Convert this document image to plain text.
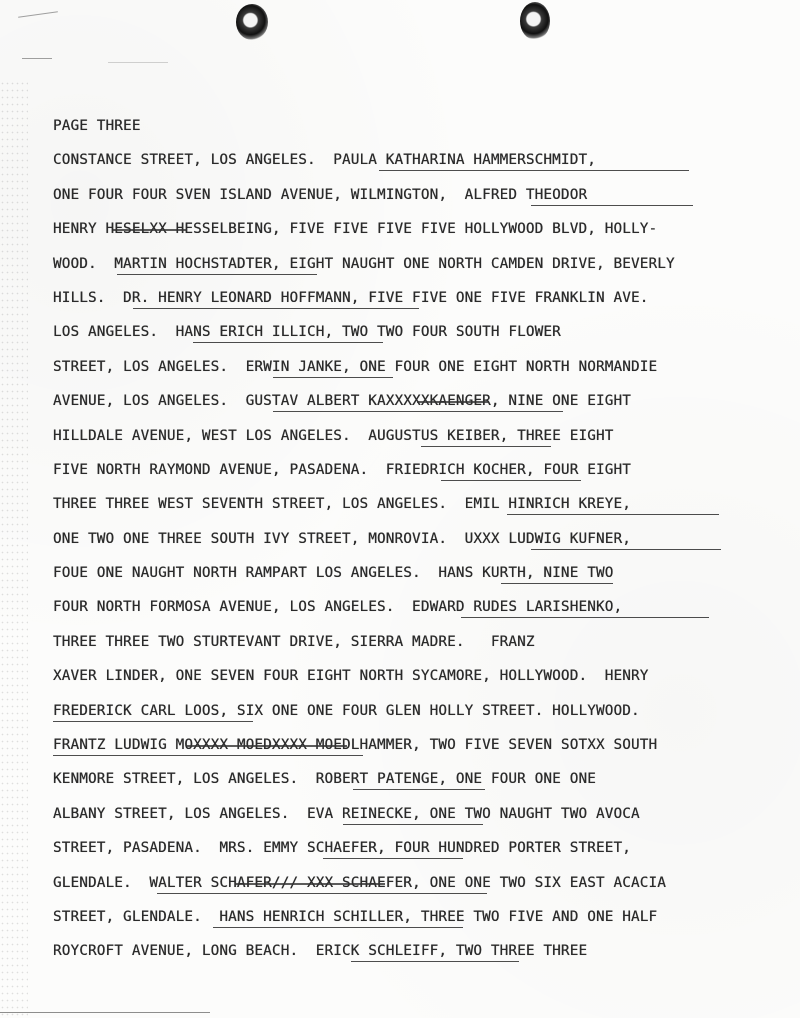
PAGE THREE
CONSTANCE STREET, LOS ANGELES.  PAULA KATHARINA HAMMERSCHMIDT,
ONE FOUR FOUR SVEN ISLAND AVENUE, WILMINGTON,  ALFRED THEODOR
HENRY HESELXX HESSELBEING, FIVE FIVE FIVE FIVE HOLLYWOOD BLVD, HOLLY-
WOOD.  MARTIN HOCHSTADTER, EIGHT NAUGHT ONE NORTH CAMDEN DRIVE, BEVERLY
HILLS.  DR. HENRY LEONARD HOFFMANN, FIVE FIVE ONE FIVE FRANKLIN AVE.
LOS ANGELES.  HANS ERICH ILLICH, TWO TWO FOUR SOUTH FLOWER
STREET, LOS ANGELES.  ERWIN JANKE, ONE FOUR ONE EIGHT NORTH NORMANDIE
AVENUE, LOS ANGELES.  GUSTAV ALBERT KAXXXXXKAENGER, NINE ONE EIGHT
HILLDALE AVENUE, WEST LOS ANGELES.  AUGUSTUS KEIBER, THREE EIGHT
FIVE NORTH RAYMOND AVENUE, PASADENA.  FRIEDRICH KOCHER, FOUR EIGHT
THREE THREE WEST SEVENTH STREET, LOS ANGELES.  EMIL HINRICH KREYE,
ONE TWO ONE THREE SOUTH IVY STREET, MONROVIA.  UXXX LUDWIG KUFNER,
FOUE ONE NAUGHT NORTH RAMPART LOS ANGELES.  HANS KURTH, NINE TWO
FOUR NORTH FORMOSA AVENUE, LOS ANGELES.  EDWARD RUDES LARISHENKO,
THREE THREE TWO STURTEVANT DRIVE, SIERRA MADRE.   FRANZ
XAVER LINDER, ONE SEVEN FOUR EIGHT NORTH SYCAMORE, HOLLYWOOD.  HENRY
FREDERICK CARL LOOS, SIX ONE ONE FOUR GLEN HOLLY STREET. HOLLYWOOD.
FRANTZ LUDWIG MOXXXX MOEDXXXX MOEDLHAMMER, TWO FIVE SEVEN SOTXX SOUTH
KENMORE STREET, LOS ANGELES.  ROBERT PATENGE, ONE FOUR ONE ONE
ALBANY STREET, LOS ANGELES.  EVA REINECKE, ONE TWO NAUGHT TWO AVOCA
STREET, PASADENA.  MRS. EMMY SCHAEFER, FOUR HUNDRED PORTER STREET,
GLENDALE.  WALTER SCHAFER/// XXX SCHAEFER, ONE ONE TWO SIX EAST ACACIA
STREET, GLENDALE.  HANS HENRICH SCHILLER, THREE TWO FIVE AND ONE HALF
ROYCROFT AVENUE, LONG BEACH.  ERICK SCHLEIFF, TWO THREE THREE
